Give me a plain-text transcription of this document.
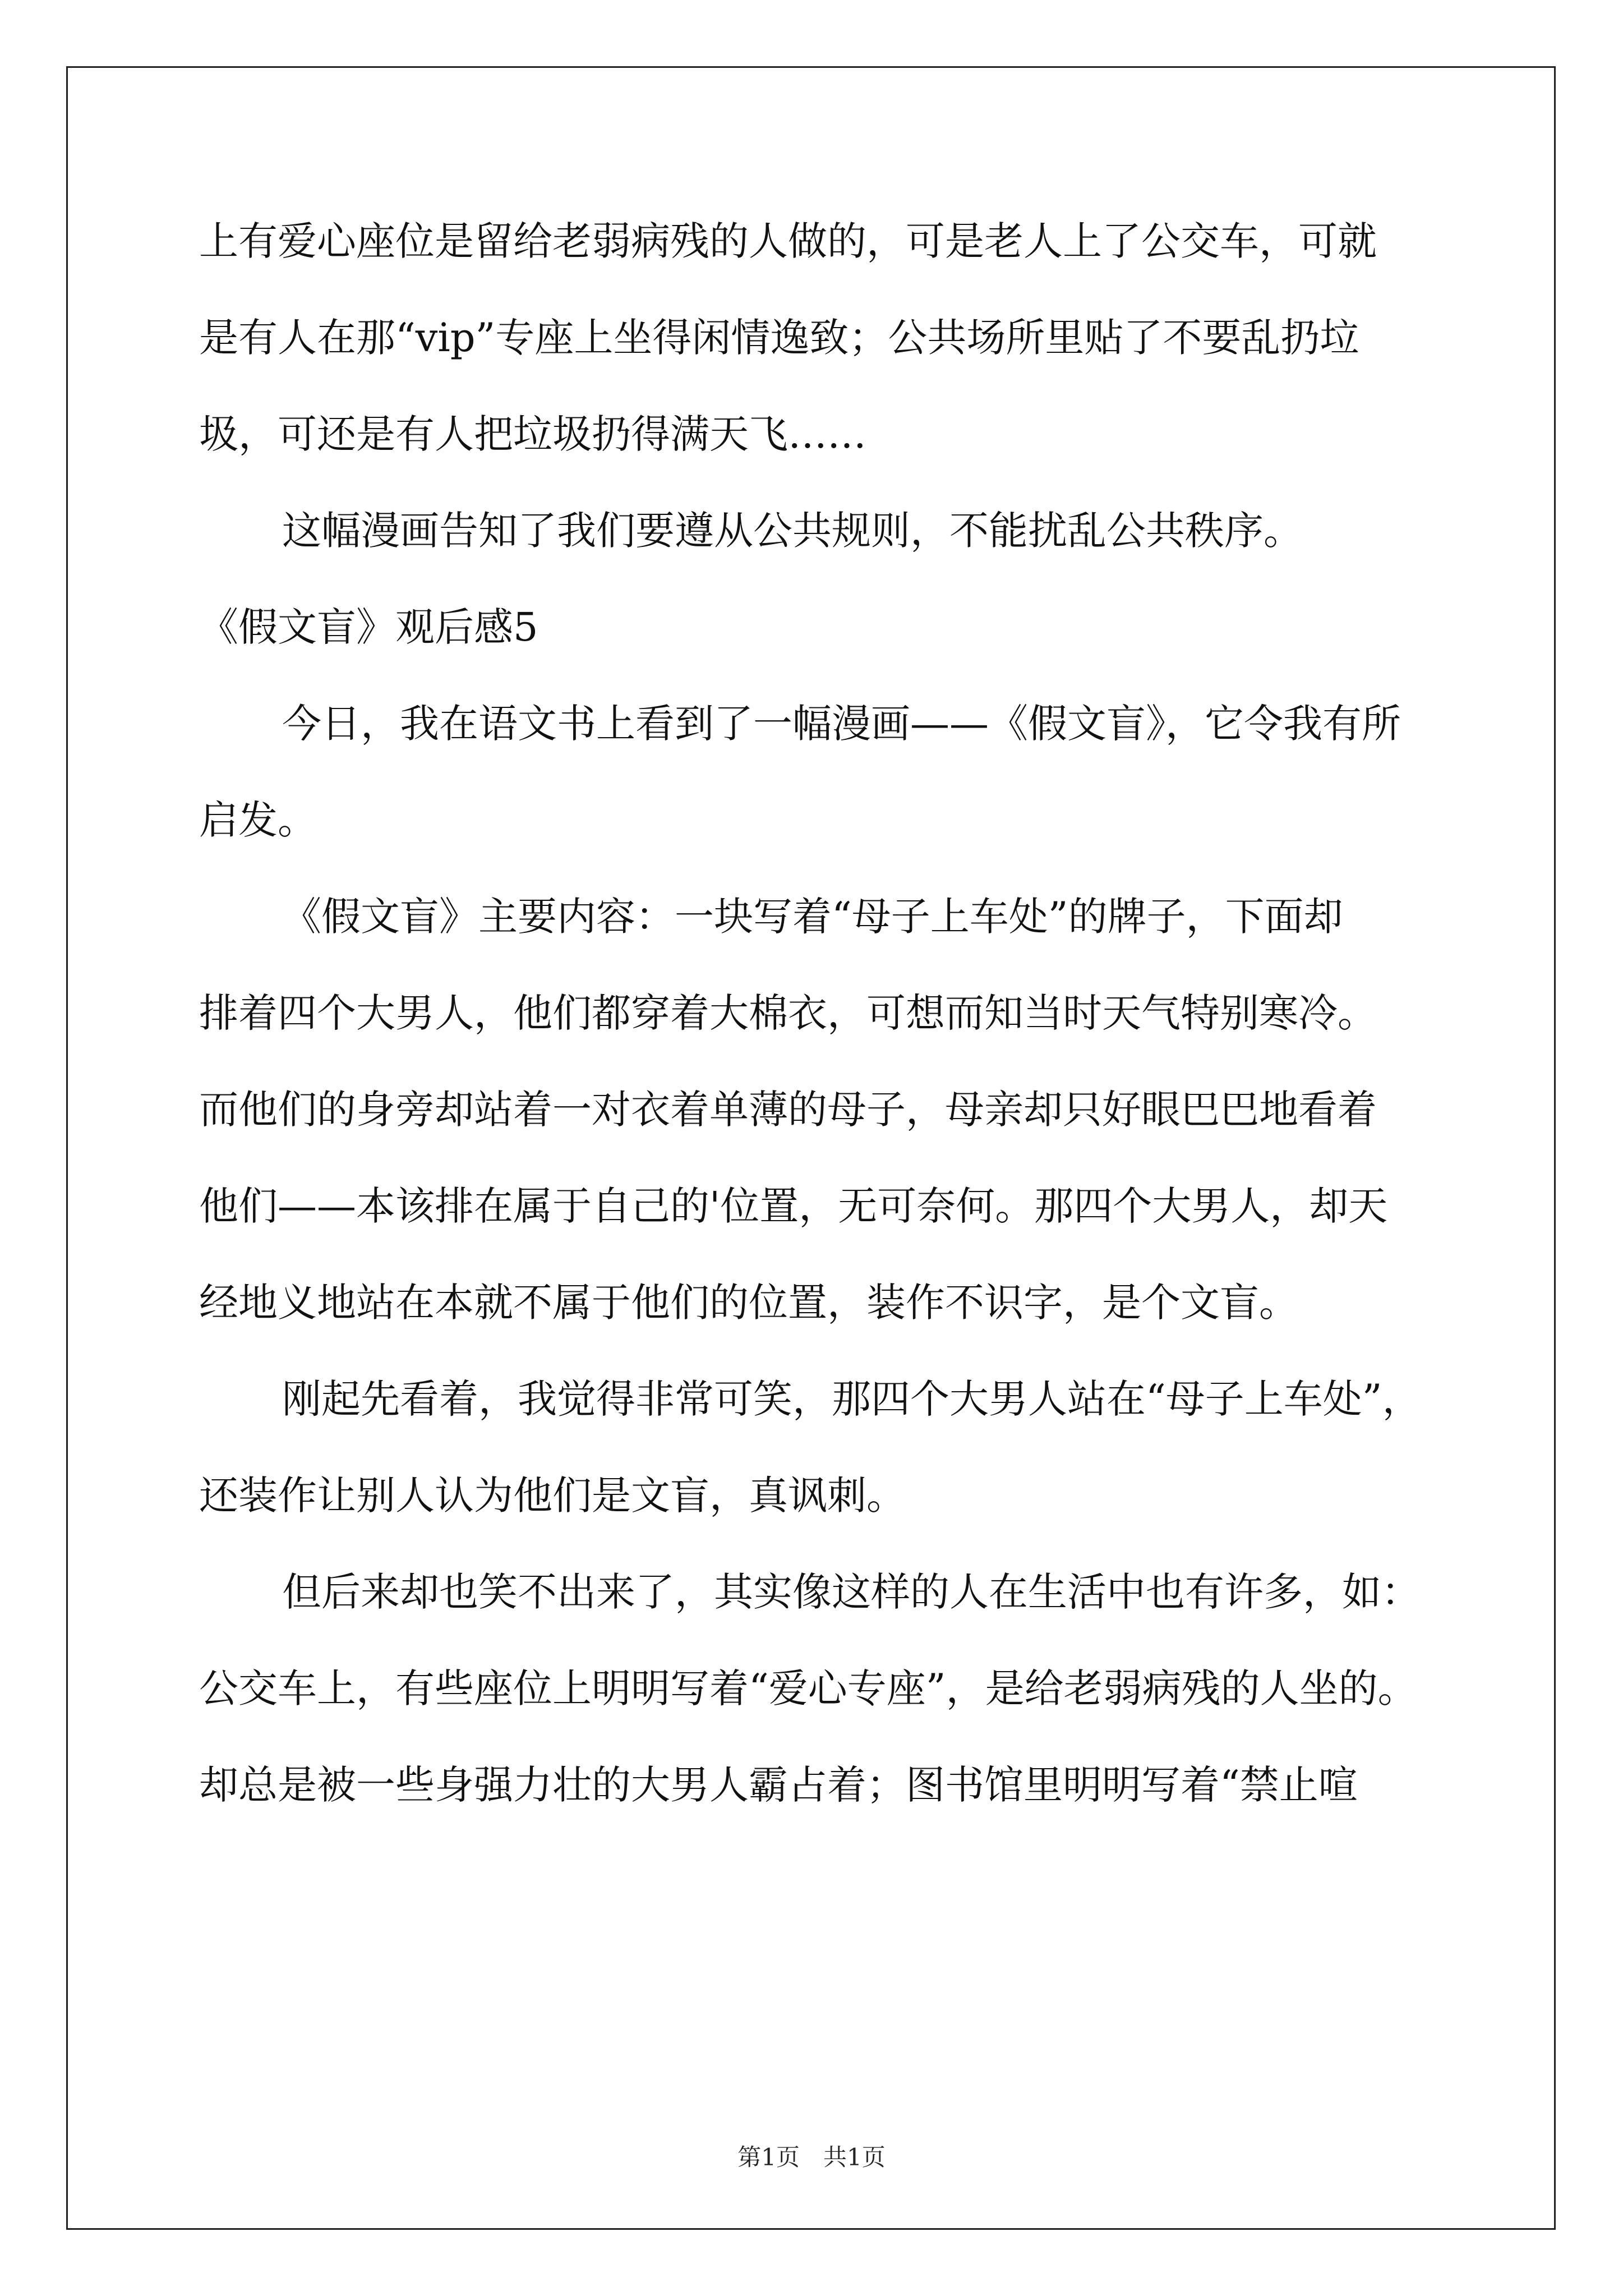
上有爱心座位是留给老弱病残的人做的，可是老人上了公交车，可就
是有人在那“vip”专座上坐得闲情逸致；公共场所里贴了不要乱扔垃
圾，可还是有人把垃圾扔得满天飞……
这幅漫画告知了我们要遵从公共规则，不能扰乱公共秩序。
《假文盲》观后感5
今日，我在语文书上看到了一幅漫画——《假文盲》，它令我有所
启发。
《假文盲》主要内容：一块写着“母子上车处”的牌子，下面却
排着四个大男人，他们都穿着大棉衣，可想而知当时天气特别寒冷。
而他们的身旁却站着一对衣着单薄的母子，母亲却只好眼巴巴地看着
他们——本该排在属于自己的'位置，无可奈何。那四个大男人，却天
经地义地站在本就不属于他们的位置，装作不识字，是个文盲。
刚起先看着，我觉得非常可笑，那四个大男人站在“母子上车处”，
还装作让别人认为他们是文盲，真讽刺。
但后来却也笑不出来了，其实像这样的人在生活中也有许多，如：
公交车上，有些座位上明明写着“爱心专座”，是给老弱病残的人坐的。
却总是被一些身强力壮的大男人霸占着；图书馆里明明写着“禁止喧
第1页　共1页
